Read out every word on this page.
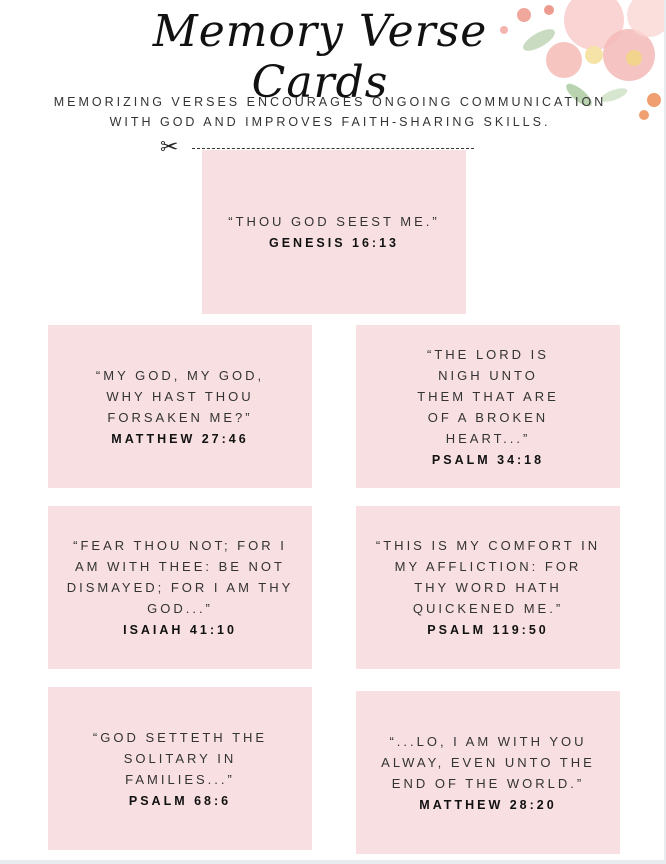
Memory Verse Cards
MEMORIZING VERSES ENCOURAGES ONGOING COMMUNICATION
WITH GOD AND IMPROVES FAITH-SHARING SKILLS.
✂
“THOU GOD SEEST ME.”
GENESIS 16:13
“MY GOD, MY GOD, WHY HAST THOU FORSAKEN ME?”
MATTHEW 27:46
“THE LORD IS NIGH UNTO THEM THAT ARE OF A BROKEN HEART...”
PSALM 34:18
“FEAR THOU NOT; FOR I AM WITH THEE: BE NOT DISMAYED; FOR I AM THY GOD...”
ISAIAH 41:10
“THIS IS MY COMFORT IN MY AFFLICTION: FOR THY WORD HATH QUICKENED ME.”
PSALM 119:50
“GOD SETTETH THE SOLITARY IN FAMILIES...”
PSALM 68:6
“...LO, I AM WITH YOU ALWAY, EVEN UNTO THE END OF THE WORLD.”
MATTHEW 28:20
